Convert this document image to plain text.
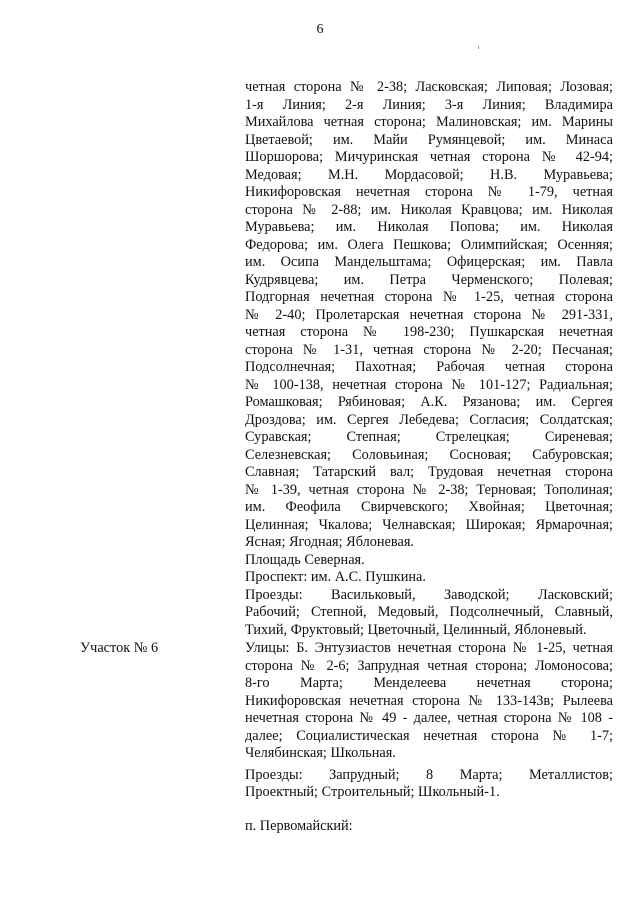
6
четная сторона № 2-38; Ласковская; Липовая; Лозовая;
1-я Линия; 2-я Линия; 3-я Линия; Владимира
Михайлова четная сторона; Малиновская; им. Марины
Цветаевой; им. Майи Румянцевой; им. Минаса
Шоршорова; Мичуринская четная сторона № 42-94;
Медовая; М.Н. Мордасовой; Н.В. Муравьева;
Никифоровская нечетная сторона № 1-79, четная
сторона № 2-88; им. Николая Кравцова; им. Николая
Муравьева; им. Николая Попова; им. Николая
Федорова; им. Олега Пешкова; Олимпийская; Осенняя;
им. Осипа Мандельштама; Офицерская; им. Павла
Кудрявцева; им. Петра Черменского; Полевая;
Подгорная нечетная сторона № 1-25, четная сторона
№ 2-40; Пролетарская нечетная сторона № 291-331,
четная сторона № 198-230; Пушкарская нечетная
сторона № 1-31, четная сторона № 2-20; Песчаная;
Подсолнечная; Пахотная; Рабочая четная сторона
№ 100-138, нечетная сторона № 101-127; Радиальная;
Ромашковая; Рябиновая; А.К. Рязанова; им. Сергея
Дроздова; им. Сергея Лебедева; Согласия; Солдатская;
Суравская; Степная; Стрелецкая; Сиреневая;
Селезневская; Соловьиная; Сосновая; Сабуровская;
Славная; Татарский вал; Трудовая нечетная сторона
№ 1-39, четная сторона № 2-38; Терновая; Тополиная;
им. Феофила Свирчевского; Хвойная; Цветочная;
Целинная; Чкалова; Челнавская; Широкая; Ярмарочная;
Ясная; Ягодная; Яблоневая.
Площадь Северная.
Проспект: им. А.С. Пушкина.
Проезды: Васильковый, Заводской; Ласковский;
Рабочий; Степной, Медовый, Подсолнечный, Славный,
Тихий, Фруктовый; Цветочный, Целинный, Яблоневый.
Участок № 6	Улицы: Б. Энтузиастов нечетная сторона № 1-25, четная
сторона № 2-6; Запрудная четная сторона; Ломоносова;
8-го Марта; Менделеева нечетная сторона;
Никифоровская нечетная сторона № 133-143в; Рылеева
нечетная сторона № 49 - далее, четная сторона № 108 -
далее; Социалистическая нечетная сторона № 1-7;
Челябинская; Школьная.
Проезды: Запрудный; 8 Марта; Металлистов;
Проектный; Строительный; Школьный-1.
п. Первомайский:
